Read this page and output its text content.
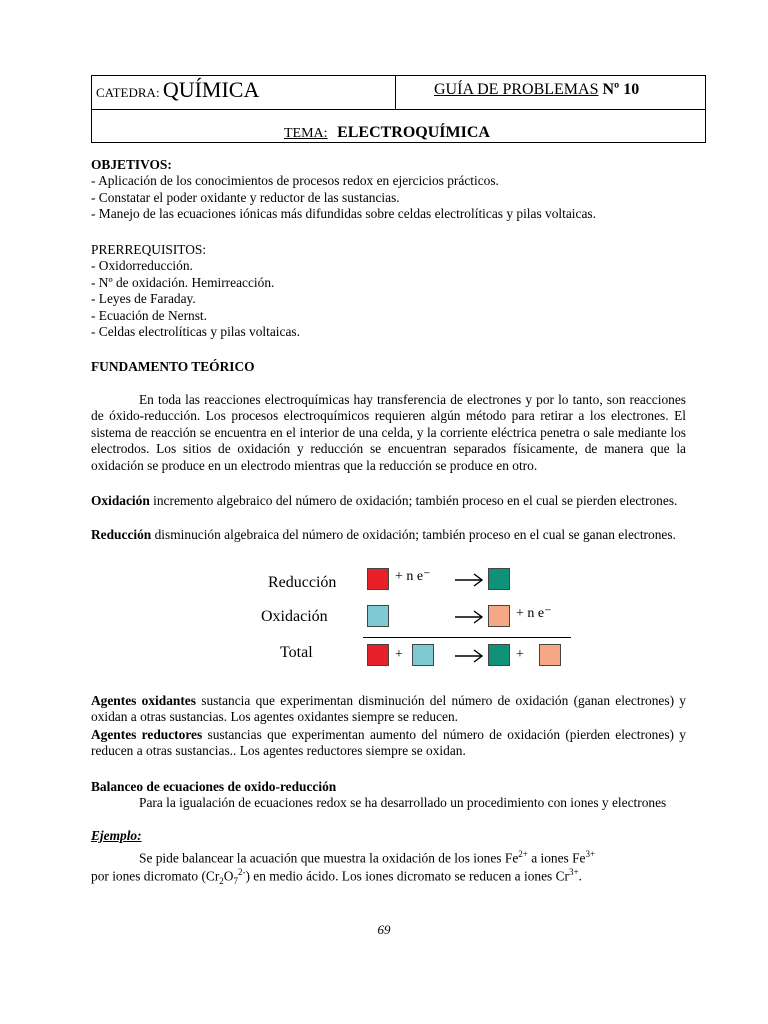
CATEDRA: QUÍMICA	GUÍA DE PROBLEMAS Nº 10
TEMA: ELECTROQUÍMICA
OBJETIVOS:
- Aplicación de los conocimientos de procesos redox en ejercicios prácticos.
- Constatar el poder oxidante y reductor de las sustancias.
- Manejo de las ecuaciones iónicas más difundidas sobre celdas electrolíticas y pilas voltaicas.
PRERREQUISITOS:
- Oxidorreducción.
- Nº de oxidación. Hemirreacción.
- Leyes de Faraday.
- Ecuación de Nernst.
- Celdas electrolíticas y pilas voltaicas.
FUNDAMENTO TEÓRICO
En toda las reacciones electroquímicas hay transferencia de electrones y por lo tanto, son reacciones de óxido-reducción. Los procesos electroquímicos requieren algún método para retirar a los electrones. El sistema de reacción se encuentra en el interior de una celda, y la corriente eléctrica penetra o sale mediante los electrodos. Los sitios de oxidación y reducción se encuentran separados físicamente, de manera que la oxidación se produce en un electrodo mientras que la reducción se produce en otro.
Oxidación incremento algebraico del número de oxidación; también proceso en el cual se pierden electrones.
Reducción disminución algebraica del número de oxidación; también proceso en el cual se ganan electrones.
Reducción	+ n e⁻
Oxidación	+ n e⁻
Total	+	+
Agentes oxidantes sustancia que experimentan disminución del número de oxidación (ganan electrones) y oxidan a otras sustancias. Los agentes oxidantes siempre se reducen.
Agentes reductores sustancias que experimentan aumento del número de oxidación (pierden electrones) y reducen a otras sustancias.. Los agentes reductores siempre se oxidan.
Balanceo de ecuaciones de oxido-reducción
Para la igualación de ecuaciones redox se ha desarrollado un procedimiento con iones y electrones
Ejemplo:
Se pide balancear la acuación que muestra la oxidación de los iones $Fe^{2+}$ a iones $Fe^{3+}$
por iones dicromato $(Cr_2O_7^{2-})$ en medio ácido. Los iones dicromato se reducen a iones $Cr^{3+}$.
69
